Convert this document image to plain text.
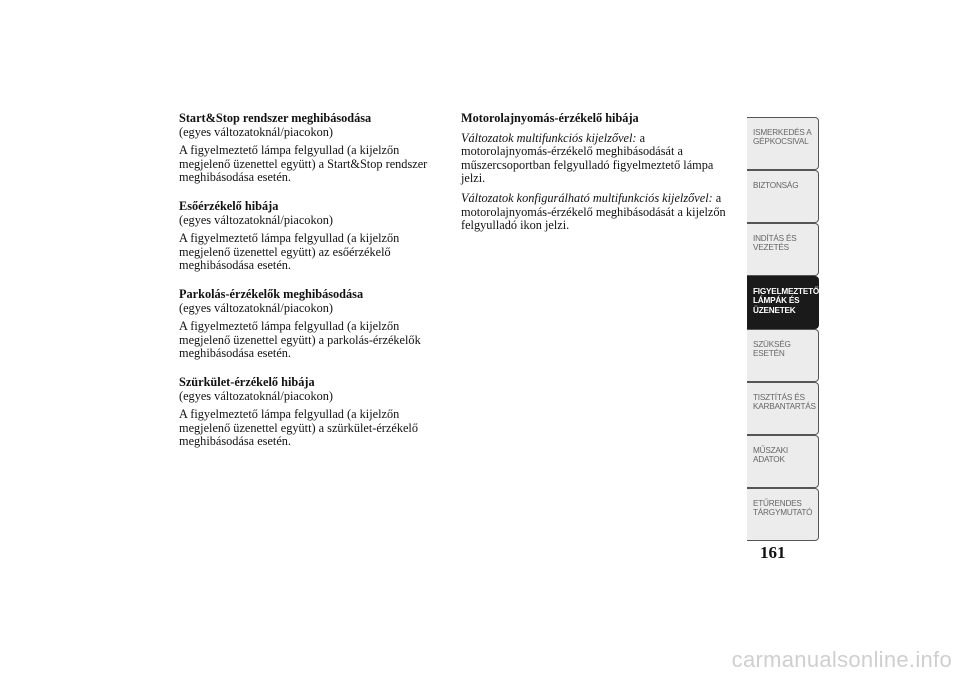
Start&Stop rendszer meghibásodása
(egyes változatoknál/piacokon)
A figyelmeztető lámpa felgyullad (a kijelzőn megjelenő üzenettel együtt) a Start&Stop rendszer meghibásodása esetén.
Esőérzékelő hibája
(egyes változatoknál/piacokon)
A figyelmeztető lámpa felgyullad (a kijelzőn megjelenő üzenettel együtt) az esőérzékelő meghibásodása esetén.
Parkolás-érzékelők meghibásodása
(egyes változatoknál/piacokon)
A figyelmeztető lámpa felgyullad (a kijelzőn megjelenő üzenettel együtt) a parkolás-érzékelők meghibásodása esetén.
Szürkület-érzékelő hibája
(egyes változatoknál/piacokon)
A figyelmeztető lámpa felgyullad (a kijelzőn megjelenő üzenettel együtt) a szürkület-érzékelő meghibásodása esetén.
Motorolajnyomás-érzékelő hibája

Változatok multifunkciós kijelzővel: a motorolajnyomás-érzékelő meghibásodását a műszercsoportban felgyulladó figyelmeztető lámpa jelzi.

Változatok konfigurálható multifunkciós kijelzővel: a motorolajnyomás-érzékelő meghibásodását a kijelzőn felgyulladó ikon jelzi.

ISMERKEDÉS A
GÉPKOCSIVAL
BIZTONSÁG
INDÍTÁS ÉS
VEZETÉS
FIGYELMEZTETŐ
LÁMPÁK ÉS
ÜZENETEK
SZÜKSÉG ESETÉN
TISZTÍTÁS ÉS
KARBANTARTÁS
MŰSZAKI ADATOK
ETŰRENDES
TÁRGYMUTATÓ
161
carmanualsonline.info
